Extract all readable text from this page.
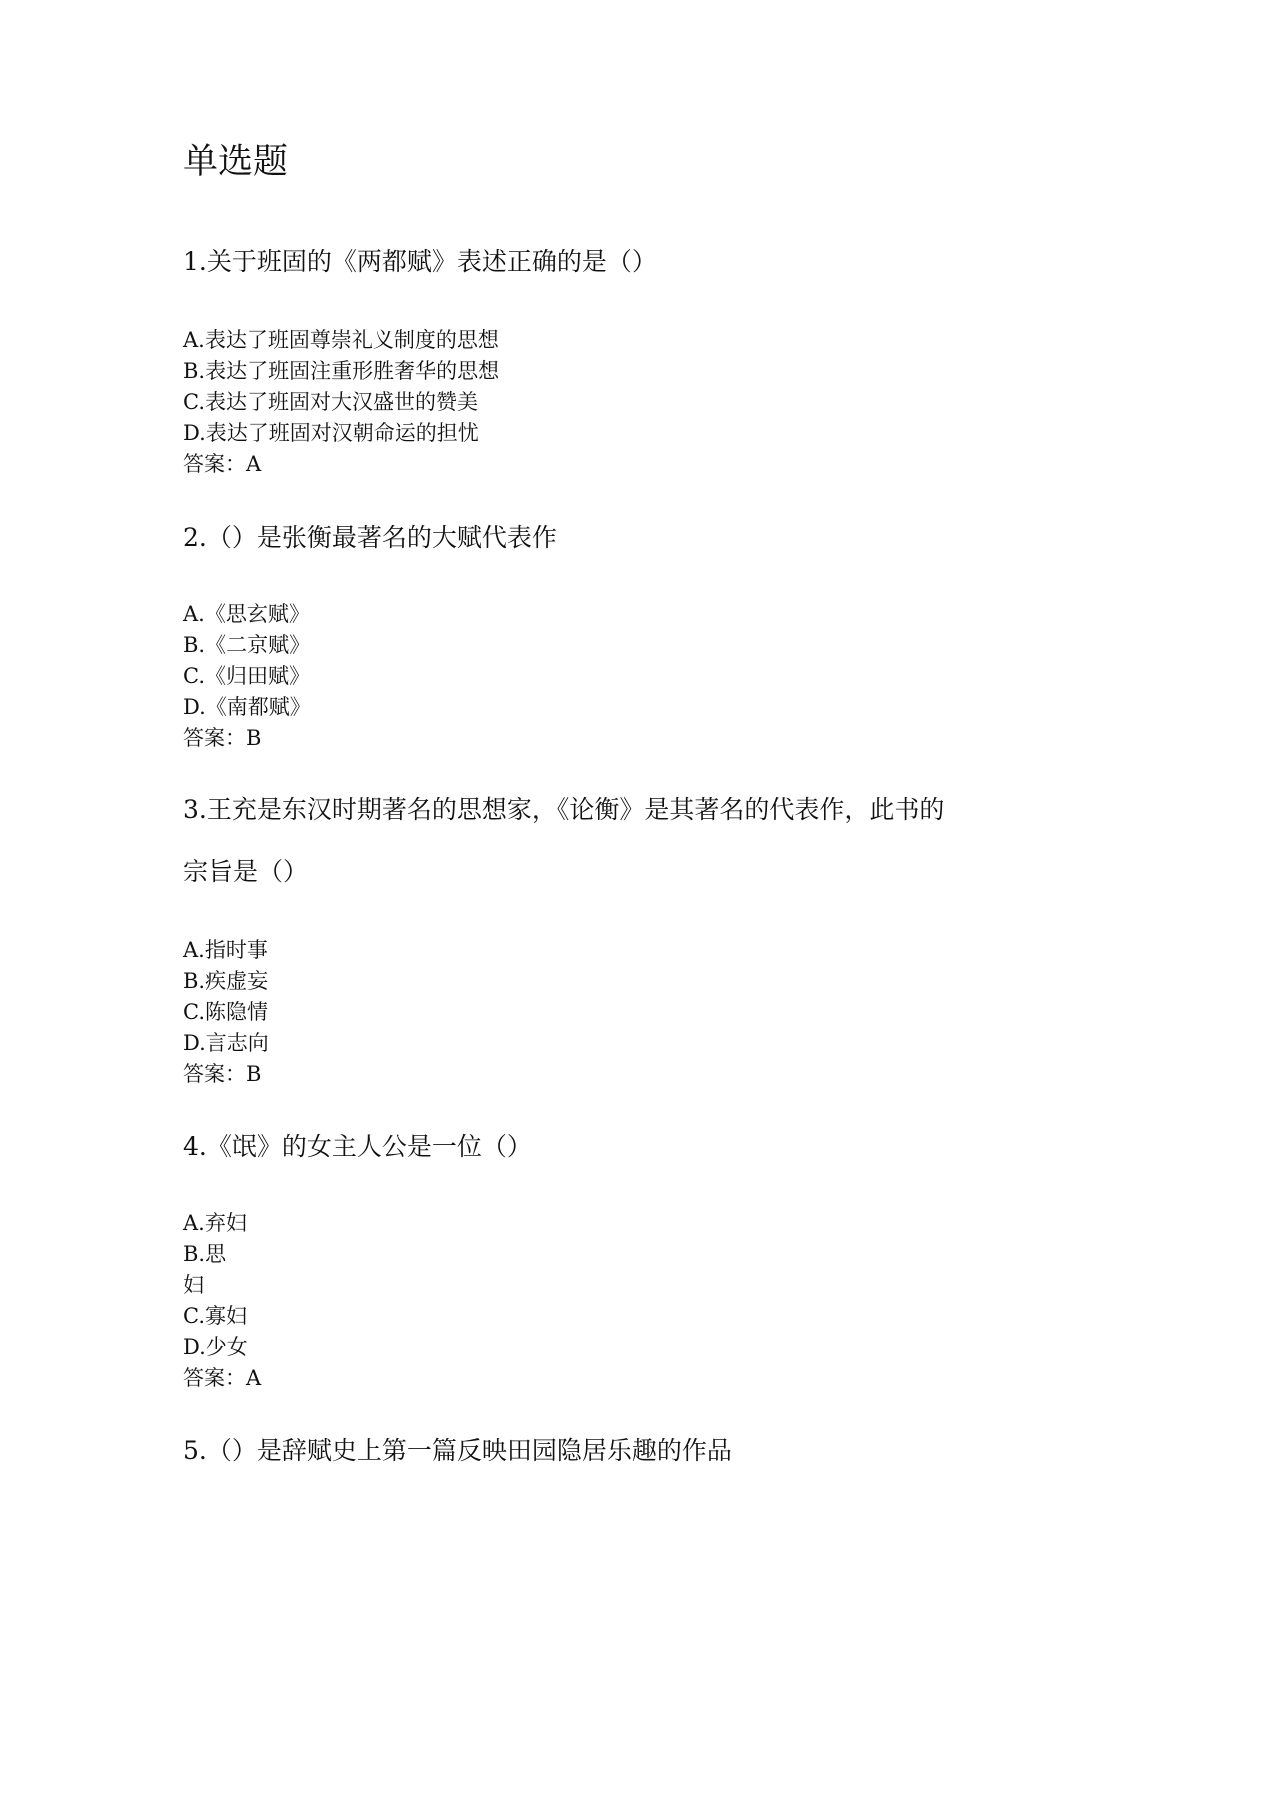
单选题
1.关于班固的《两都赋》表述正确的是（）
A.表达了班固尊崇礼义制度的思想
B.表达了班固注重形胜奢华的思想
C.表达了班固对大汉盛世的赞美
D.表达了班固对汉朝命运的担忧
答案：A
2.（）是张衡最著名的大赋代表作
A.《思玄赋》
B.《二京赋》
C.《归田赋》
D.《南都赋》
答案：B
3.王充是东汉时期著名的思想家，《论衡》是其著名的代表作，此书的
宗旨是（）
A.指时事
B.疾虚妄
C.陈隐情
D.言志向
答案：B
4.《氓》的女主人公是一位（）
A.弃妇
B.思
妇
C.寡妇
D.少女
答案：A
5.（）是辞赋史上第一篇反映田园隐居乐趣的作品
